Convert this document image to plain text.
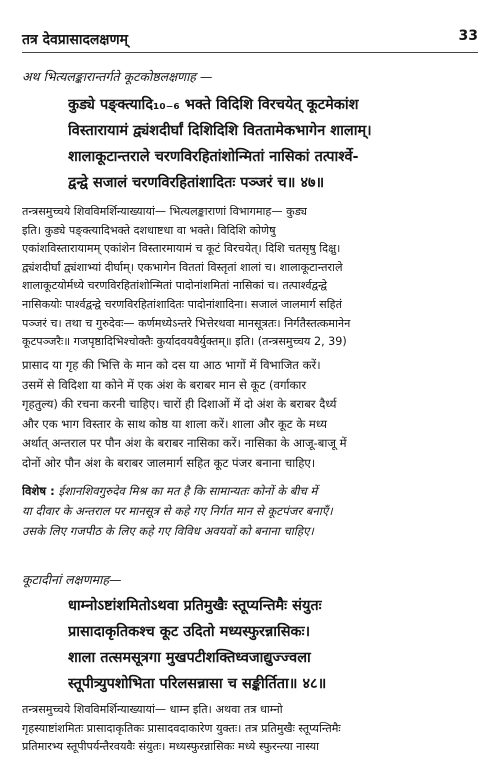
तत्र देवप्रासादलक्षणम्	33
अथ भित्यलङ्कारान्तर्गते कूटकोष्ठलक्षणाह —
कुड्ये पङ्क्त्यादि₁₀₋₆ भक्ते विदिशि विरचयेत् कूटमेकांश
विस्तारायामं द्व्यंशदीर्घां दिशिदिशि विततामेकभागेन शालाम्।
शालाकूटान्तराले चरणविरहितांशोन्मितां नासिकां तत्पार्श्वे-
द्वन्द्वे सजालं चरणविरहितांशादितः पञ्जरं च॥ ४७॥
तन्त्रसमुच्चये शिवविमर्शिन्याख्यायां— भित्यलङ्काराणां विभागमाह— कुड्य
इति। कुड्ये पङ्क्त्यादिभक्ते दशधाष्टधा वा भक्ते। विदिशि कोणेषु
एकांशविस्तारायामम् एकांशेन विस्तारमायामं च कूटं विरचयेत्। दिशि चतसृषु दिक्षु।
द्व्यंशदीर्घां द्व्यंशाभ्यां दीर्घाम्। एकभागेन विततां विस्तृतां शालां च। शालाकूटान्तराले
शालाकूटयोर्मध्ये चरणविरहितांशोन्मितां पादोनांशमितां नासिकां च। तत्पार्श्वद्वन्द्वे
नासिकयोः पार्श्वद्वन्द्वे चरणविरहितांशादितः पादोनांशादिना। सजालं जालमार्ग सहितं
पञ्जरं च। तथा च गुरुदेवः— कर्णमध्येऽन्तरे भित्तेरथवा मानसूत्रतः। निर्गतैस्तत्कमानेन
कूटपञ्जरैः॥ गजपृष्ठादिभिश्चोक्तैः कुर्यादवयवैर्युक्तम्॥ इति। (तन्त्रसमुच्चय 2, 39)
प्रासाद या गृह की भित्ति के मान को दस या आठ भागों में विभाजित करें।
उसमें से विदिशा या कोने में एक अंश के बराबर मान से कूट (वर्गाकार
गृहतुल्य) की रचना करनी चाहिए। चारों ही दिशाओं में दो अंश के बराबर दैर्ध्य
और एक भाग विस्तार के साथ कोष्ठ या शाला करें। शाला और कूट के मध्य
अर्थात् अन्तराल पर पौन अंश के बराबर नासिका करें। नासिका के आजू-बाजू में
दोनों ओर पौन अंश के बराबर जालमार्ग सहित कूट पंजर बनाना चाहिए।
विशेष : ईशानशिवगुरुदेव मिश्र का मत है कि सामान्यतः कोनों के बीच में
या दीवार के अन्तराल पर मानसूत्र से कहे गए निर्गत मान से कूटपंजर बनाएँ।
उसके लिए गजपीठ के लिए कहे गए विविध अवयवों को बनाना चाहिए।
कूटादीनां लक्षणमाह—
धाम्नोऽष्टांशमितोऽथवा प्रतिमुखैः स्तूप्यन्तिमैः संयुतः
प्रासादाकृतिकश्च कूट उदितो मध्यस्फुरन्नासिकः।
शाला तत्समसूत्रगा मुखपटीशक्तिध्वजाद्युज्ज्वला
स्तूपीत्र्युपशोभिता परिलसन्नासा च सङ्कीर्तिता॥ ४८॥
तन्त्रसमुच्चये शिवविमर्शिन्याख्यायां— धाम्न इति। अथवा तत्र धाम्नो
गृहस्याष्टांशमितः प्रासादाकृतिकः प्रासादवदाकारेण युक्तः। तत्र प्रतिमुखैः स्तूप्यन्तिमैः
प्रतिमारभ्य स्तूपीपर्यन्तैरवयवैः संयुतः। मध्यस्फुरन्नासिकः मध्ये स्फुरन्त्या नास्या
